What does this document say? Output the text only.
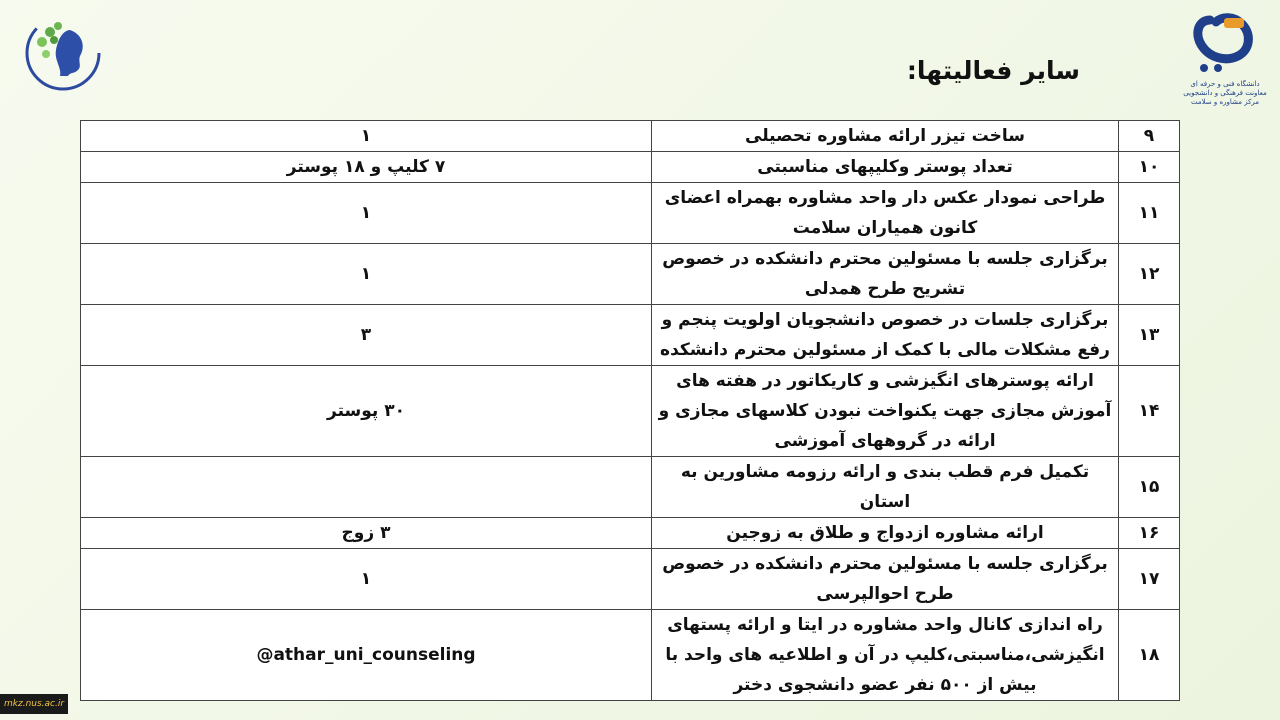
دانشگاه فنی و حرفه ای
معاونت فرهنگی و دانشجویی
مرکز مشاوره و سلامت
سایر فعالیتها:
۹	ساخت تیزر ارائه مشاوره تحصیلی	۱
۱۰	تعداد پوستر وکلیپهای مناسبتی	۷ کلیپ و ۱۸ پوستر
۱۱	طراحی نمودار عکس دار واحد مشاوره بهمراه اعضای کانون همیاران سلامت	۱
۱۲	برگزاری جلسه با مسئولین محترم دانشکده در خصوص تشریح طرح همدلی	۱
۱۳	برگزاری جلسات در خصوص دانشجویان اولویت پنجم و رفع مشکلات مالی با کمک از مسئولین محترم دانشکده	۳
۱۴	ارائه پوسترهای انگیزشی و کاریکاتور در هفته های آموزش مجازی جهت یکنواخت نبودن کلاسهای مجازی و ارائه در گروههای آموزشی	۳۰ پوستر
۱۵	تکمیل فرم قطب بندی و ارائه رزومه مشاورین به استان	
۱۶	ارائه مشاوره ازدواج و طلاق به زوجین	۳ زوج
۱۷	برگزاری جلسه با مسئولین محترم دانشکده در خصوص طرح احوالپرسی	۱
۱۸	راه اندازی کانال واحد مشاوره در ایتا و ارائه پستهای انگیزشی،مناسبتی،کلیپ در آن و اطلاعیه های واحد با بیش از ۵۰۰ نفر عضو دانشجوی دختر	@athar_uni_counseling
mkz.nus.ac.ir
